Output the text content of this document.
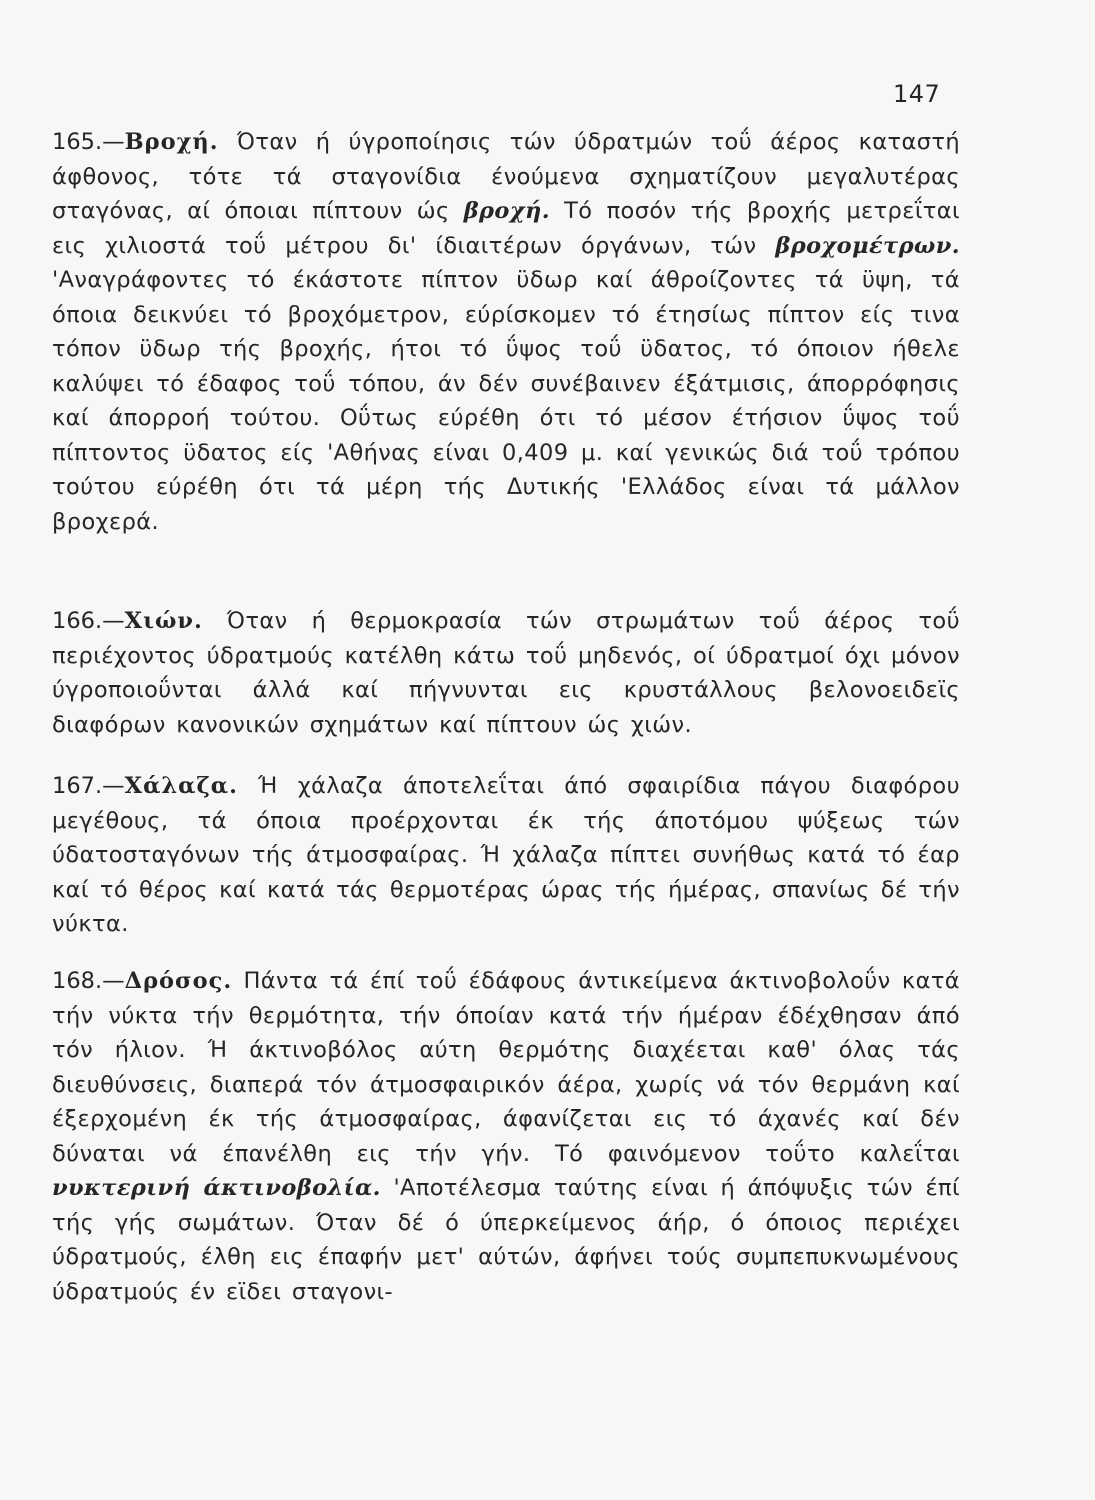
147

165.—Βροχή. Όταν ή ύγροποίησις τών ύδρατμών τοΰ άέρος καταστή άφθονος, τότε τά σταγονίδια ένούμενα σχηματίζουν μεγαλυτέρας σταγόνας, αί όποιαι πίπτουν ώς βροχή. Τό ποσόν τής βροχής μετρεΐται εις χιλιοστά τοΰ μέτρου δι' ίδιαιτέρων όργάνων, τών βροχομέτρων. 'Αναγράφοντες τό έκάστοτε πίπτον ϋδωρ καί άθροίζοντες τά ϋψη, τά όποια δεικνύει τό βροχόμετρον, εύρίσκομεν τό έτησίως πίπτον είς τινα τόπον ϋδωρ τής βροχής, ήτοι τό ΰψος τοΰ ϋδατος, τό όποιον ήθελε καλύψει τό έδαφος τοΰ τόπου, άν δέν συνέβαινεν έξάτμισις, άπορρόφησις καί άπορροή τούτου. Οΰτως εύρέθη ότι τό μέσον έτήσιον ΰψος τοΰ πίπτοντος ϋδατος είς 'Αθήνας είναι 0,409 μ. καί γενικώς διά τοΰ τρόπου τούτου εύρέθη ότι τά μέρη τής Δυτικής 'Ελλάδος είναι τά μάλλον βροχερά.

166.—Χιών. Όταν ή θερμοκρασία τών στρωμάτων τοΰ άέρος τοΰ περιέχοντος ύδρατμούς κατέλθη κάτω τοΰ μηδενός, οί ύδρατμοί όχι μόνον ύγροποιοΰνται άλλά καί πήγνυνται εις κρυστάλλους βελονοειδεϊς διαφόρων κανονικών σχημάτων καί πίπτουν ώς χιών.

167.—Χάλαζα. Ή χάλαζα άποτελεΐται άπό σφαιρίδια πάγου διαφόρου μεγέθους, τά όποια προέρχονται έκ τής άποτόμου ψύξεως τών ύδατοσταγόνων τής άτμοσφαίρας. Ή χάλαζα πίπτει συνήθως κατά τό έαρ καί τό θέρος καί κατά τάς θερμοτέρας ώρας τής ήμέρας, σπανίως δέ τήν νύκτα.

168.—Δρόσος. Πάντα τά έπί τοΰ έδάφους άντικείμενα άκτινοβολοΰν κατά τήν νύκτα τήν θερμότητα, τήν όποίαν κατά τήν ήμέραν έδέχθησαν άπό τόν ήλιον. Ή άκτινοβόλος αύτη θερμότης διαχέεται καθ' όλας τάς διευθύνσεις, διαπερά τόν άτμοσφαιρικόν άέρα, χωρίς νά τόν θερμάνη καί έξερχομένη έκ τής άτμοσφαίρας, άφανίζεται εις τό άχανές καί δέν δύναται νά έπανέλθη εις τήν γήν. Τό φαινόμενον τοΰτο καλεΐται νυκτερινή άκτινοβολία. 'Αποτέλεσμα ταύτης είναι ή άπόψυξις τών έπί τής γής σωμάτων. Όταν δέ ό ύπερκείμενος άήρ, ό όποιος περιέχει ύδρατμούς, έλθη εις έπαφήν μετ' αύτών, άφήνει τούς συμπεπυκνωμένους ύδρατμούς έν εϊδει σταγονι-
